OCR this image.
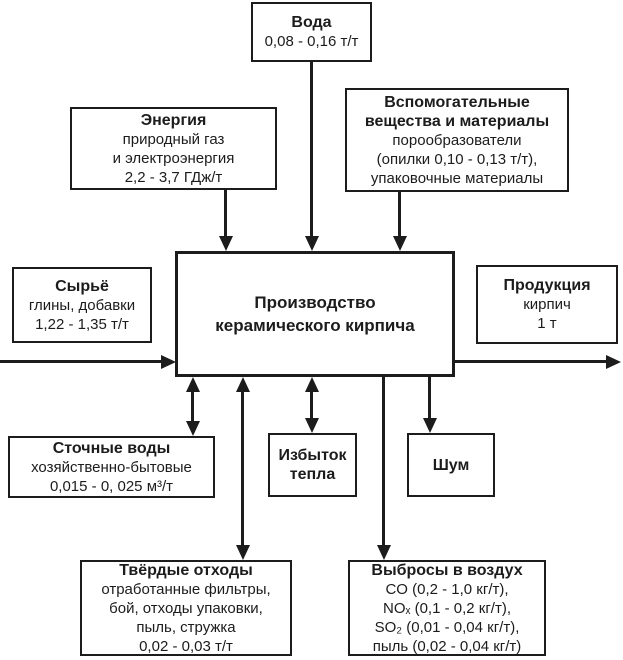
Вода
0,08 - 0,16 т/т
Энергия
природный газ
и электроэнергия
2,2 - 3,7 ГДж/т
Вспомогательные
вещества и материалы
порообразователи
(опилки 0,10 - 0,13 т/т),
упаковочные материалы
Производство
керамического кирпича
Сырьё
глины, добавки
1,22 - 1,35 т/т
Продукция
кирпич
1 т
Сточные воды
хозяйственно-бытовые
0,015 - 0, 025 м³/т
Избыток
тепла
Шум
Твёрдые отходы
отработанные фильтры,
бой, отходы упаковки,
пыль, стружка
0,02 - 0,03 т/т
Выбросы в воздух
CO (0,2 - 1,0 кг/т),
NOₓ (0,1 - 0,2 кг/т),
SO₂ (0,01 - 0,04 кг/т),
пыль (0,02 - 0,04 кг/т)
